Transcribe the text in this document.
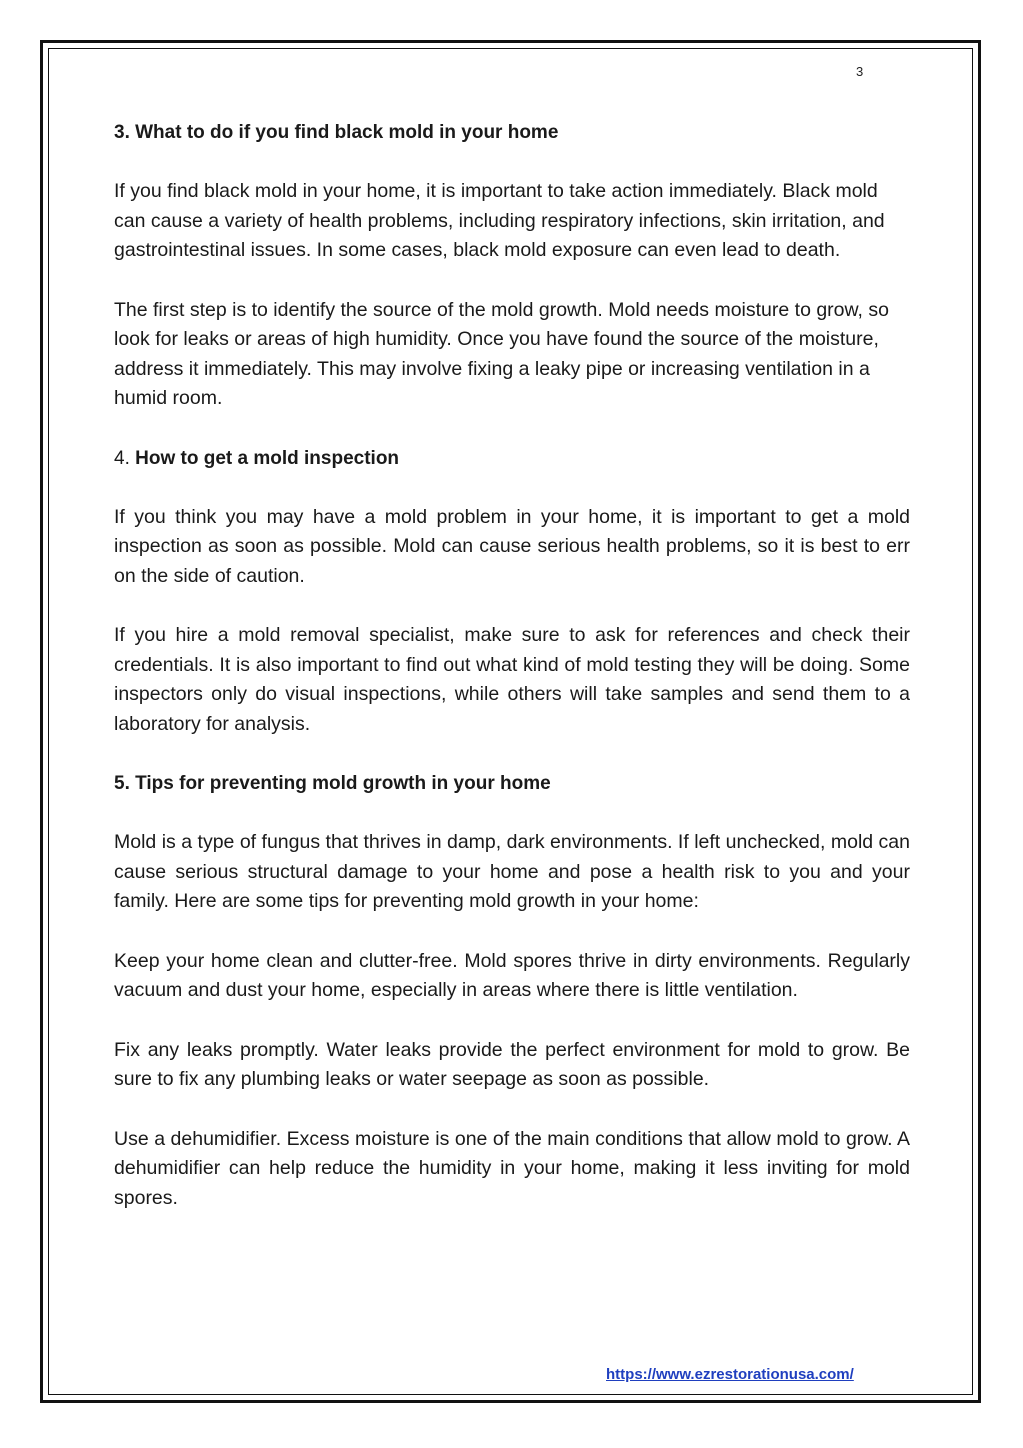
3
3. What to do if you find black mold in your home

If you find black mold in your home, it is important to take action immediately. Black mold can cause a variety of health problems, including respiratory infections, skin irritation, and gastrointestinal issues. In some cases, black mold exposure can even lead to death.

The first step is to identify the source of the mold growth. Mold needs moisture to grow, so look for leaks or areas of high humidity. Once you have found the source of the moisture, address it immediately. This may involve fixing a leaky pipe or increasing ventilation in a humid room.

4. How to get a mold inspection

If you think you may have a mold problem in your home, it is important to get a mold inspection as soon as possible. Mold can cause serious health problems, so it is best to err on the side of caution.

If you hire a mold removal specialist, make sure to ask for references and check their credentials. It is also important to find out what kind of mold testing they will be doing. Some inspectors only do visual inspections, while others will take samples and send them to a laboratory for analysis.

5. Tips for preventing mold growth in your home

Mold is a type of fungus that thrives in damp, dark environments. If left unchecked, mold can cause serious structural damage to your home and pose a health risk to you and your family. Here are some tips for preventing mold growth in your home:

Keep your home clean and clutter-free. Mold spores thrive in dirty environments. Regularly vacuum and dust your home, especially in areas where there is little ventilation.

Fix any leaks promptly. Water leaks provide the perfect environment for mold to grow. Be sure to fix any plumbing leaks or water seepage as soon as possible.

Use a dehumidifier. Excess moisture is one of the main conditions that allow mold to grow. A dehumidifier can help reduce the humidity in your home, making it less inviting for mold spores.

https://www.ezrestorationusa.com/
